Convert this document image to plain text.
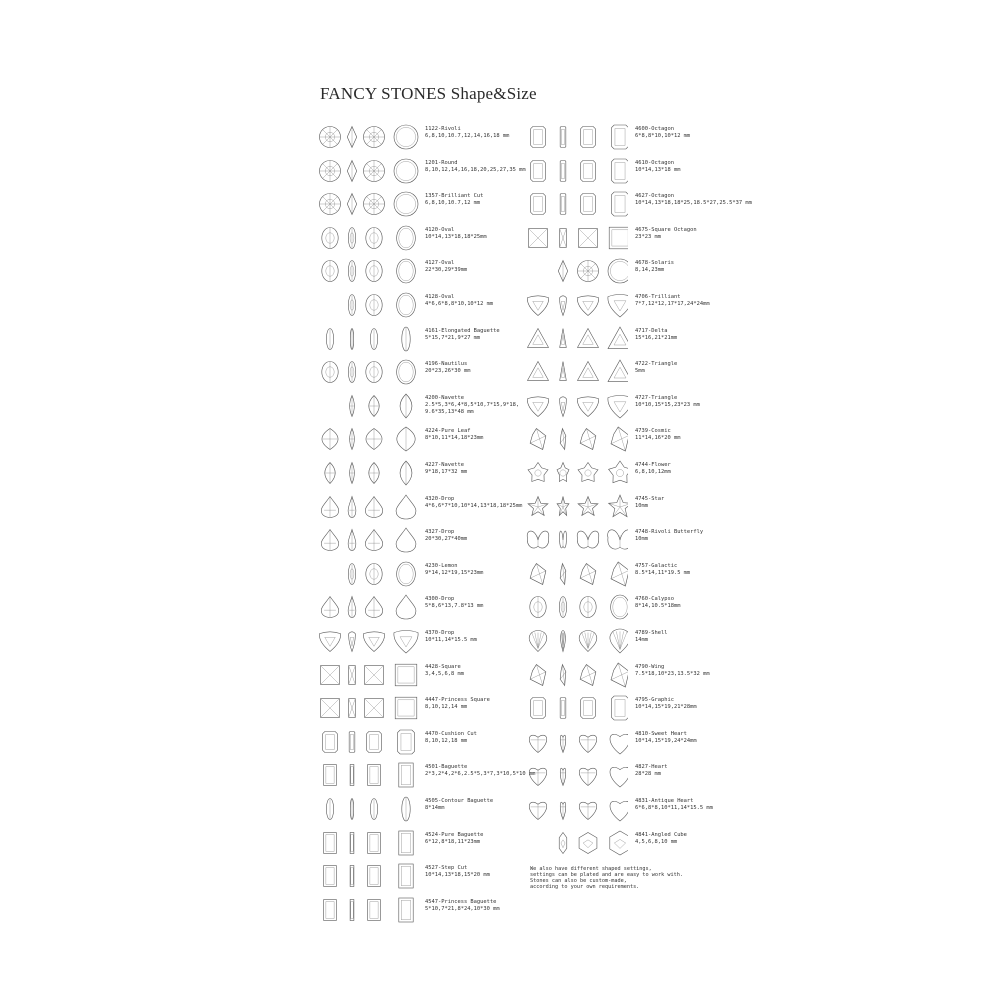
FANCY STONES Shape&Size
1122-Rivoli
6,8,10,10.7,12,14,16,18 mm
1201-Round
8,10,12,14,16,18,20,25,27,35 mm
1357-Brilliant Cut
6,8,10,10.7,12 mm
4120-Oval
10*14,13*18,18*25mm
4127-Oval
22*30,29*39mm
4128-Oval
4*6,6*8,8*10,10*12 mm
4161-Elongated Baguette
5*15,7*21,9*27 mm
4196-Nautilus
20*23,26*30 mm
4200-Navette
2.5*5,3*6,4*8,5*10,7*15,9*18,
9.6*35,13*48 mm
4224-Pure Leaf
8*10,11*14,18*23mm
4227-Navette
9*18,17*32 mm
4320-Drop
4*6,6*7*10,10*14,13*18,18*25mm
4327-Drop
20*30,27*40mm
4230-Lemon
9*14,12*19,15*23mm
4300-Drop
5*8,6*13,7.8*13 mm
4370-Drop
10*11,14*15.5 mm
4428-Square
3,4,5,6,8 mm
4447-Princess Square
8,10,12,14 mm
4470-Cushion Cut
8,10,12,18 mm
4501-Baguette
2*3,2*4,2*6,2.5*5,3*7,3*10,5*10 mm
4505-Contour Baguette
8*14mm
4524-Pure Baguette
6*12,8*18,11*23mm
4527-Step Cut
10*14,13*18,15*20 mm
4547-Princess Baguette
5*10,7*21,8*24,10*30 mm
4600-Octagon
6*8,8*10,10*12 mm
4610-Octagon
10*14,13*18 mm
4627-Octagon
10*14,13*18,18*25,18.5*27,25.5*37 mm
4675-Square Octagon
23*23 mm
4678-Solaris
8,14,23mm
4706-Trilliant
7*7,12*12,17*17,24*24mm
4717-Delta
15*16,21*21mm
4722-Triangle
5mm
4727-Triangle
10*10,15*15,23*23 mm
4739-Cosmic
11*14,16*20 mm
4744-Flower
6,8,10,12mm
4745-Star
10mm
4748-Rivoli Butterfly
10mm
4757-Galactic
8.5*14,11*19.5 mm
4760-Calypso
8*14,10.5*18mm
4789-Shell
14mm
4790-Wing
7.5*18,10*23,13.5*32 mm
4795-Graphic
10*14,15*19,21*28mm
4810-Sweet Heart
10*14,15*19,24*24mm
4827-Heart
28*28 mm
4831-Antique Heart
6*6,8*8,10*11,14*15.5 mm
4841-Angled Cube
4,5,6,8,10 mm
We also have different shaped settings,
settings can be plated and are easy to work with.
Stones can also be custom-made,
according to your own requirements.
